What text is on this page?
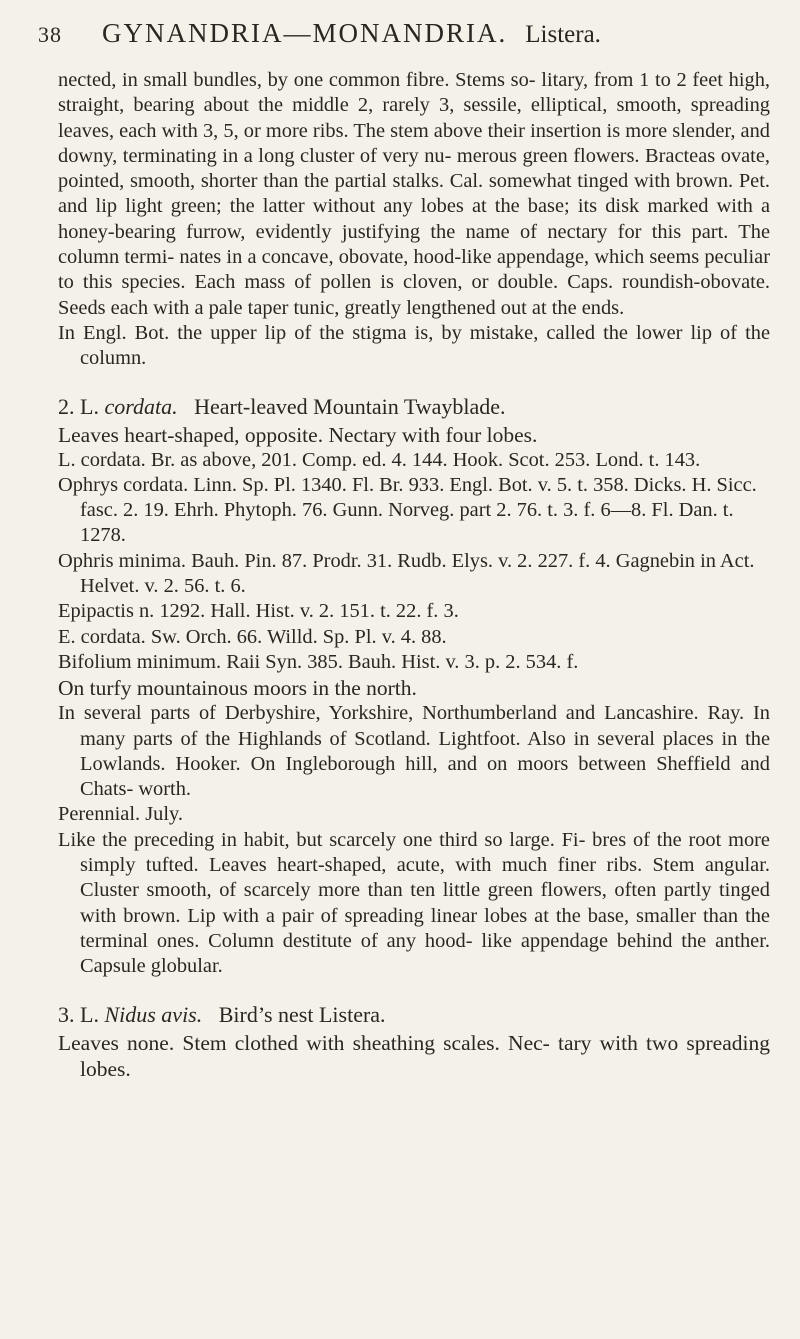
38 GYNANDRIA—MONANDRIA. Listera.

nected, in small bundles, by one common fibre. Stems so- litary, from 1 to 2 feet high, straight, bearing about the middle 2, rarely 3, sessile, elliptical, smooth, spreading leaves, each with 3, 5, or more ribs. The stem above their insertion is more slender, and downy, terminating in a long cluster of very nu- merous green flowers. Bracteas ovate, pointed, smooth, shorter than the partial stalks. Cal. somewhat tinged with brown. Pet. and lip light green; the latter without any lobes at the base; its disk marked with a honey-bearing furrow, evidently justifying the name of nectary for this part. The column termi- nates in a concave, obovate, hood-like appendage, which seems peculiar to this species. Each mass of pollen is cloven, or double. Caps. roundish-obovate. Seeds each with a pale taper tunic, greatly lengthened out at the ends.

In Engl. Bot. the upper lip of the stigma is, by mistake, called the lower lip of the column.

2. L. cordata. Heart-leaved Mountain Twayblade.

Leaves heart-shaped, opposite. Nectary with four lobes.

L. cordata. Br. as above, 201. Comp. ed. 4. 144. Hook. Scot. 253. Lond. t. 143.

Ophrys cordata. Linn. Sp. Pl. 1340. Fl. Br. 933. Engl. Bot. v. 5. t. 358. Dicks. H. Sicc. fasc. 2. 19. Ehrh. Phytoph. 76. Gunn. Norveg. part 2. 76. t. 3. f. 6—8. Fl. Dan. t. 1278.

Ophris minima. Bauh. Pin. 87. Prodr. 31. Rudb. Elys. v. 2. 227. f. 4. Gagnebin in Act. Helvet. v. 2. 56. t. 6.

Epipactis n. 1292. Hall. Hist. v. 2. 151. t. 22. f. 3.

E. cordata. Sw. Orch. 66. Willd. Sp. Pl. v. 4. 88.

Bifolium minimum. Raii Syn. 385. Bauh. Hist. v. 3. p. 2. 534. f.

On turfy mountainous moors in the north.

In several parts of Derbyshire, Yorkshire, Northumberland and Lancashire. Ray. In many parts of the Highlands of Scotland. Lightfoot. Also in several places in the Lowlands. Hooker. On Ingleborough hill, and on moors between Sheffield and Chats- worth.

Perennial. July.

Like the preceding in habit, but scarcely one third so large. Fi- bres of the root more simply tufted. Leaves heart-shaped, acute, with much finer ribs. Stem angular. Cluster smooth, of scarcely more than ten little green flowers, often partly tinged with brown. Lip with a pair of spreading linear lobes at the base, smaller than the terminal ones. Column destitute of any hood- like appendage behind the anther. Capsule globular.

3. L. Nidus avis. Bird’s nest Listera.

Leaves none. Stem clothed with sheathing scales. Nec- tary with two spreading lobes.
